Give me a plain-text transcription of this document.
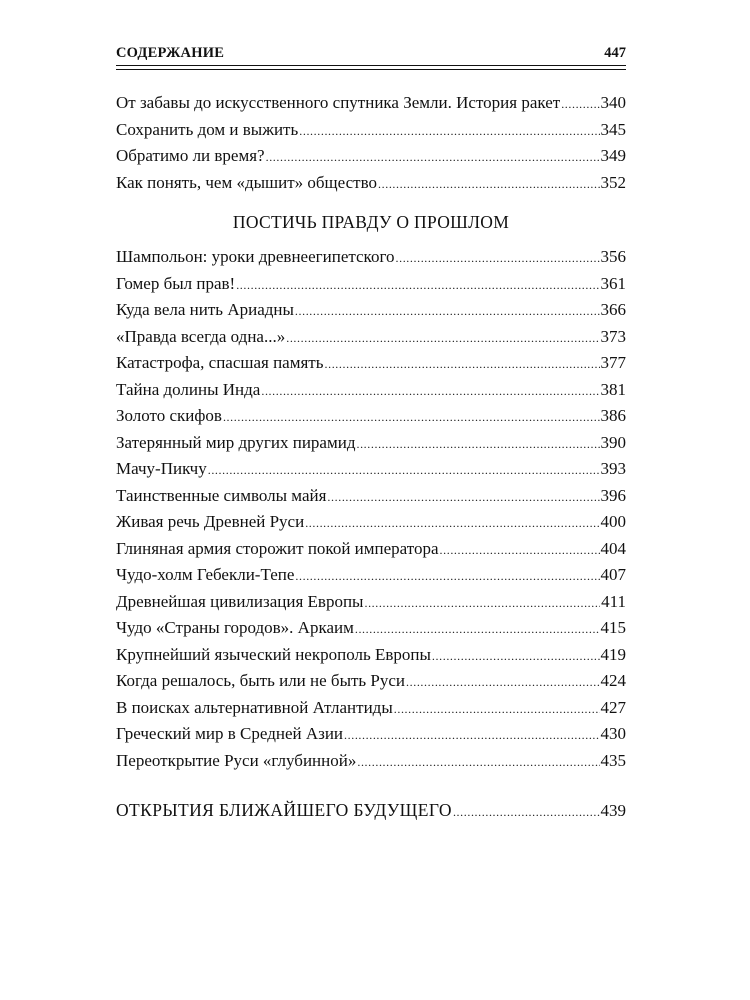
СОДЕРЖАНИЕ	447
От забавы до искусственного спутника Земли. История ракет ..... 340
Сохранить дом и выжить .....	345
Обратимо ли время? .....	349
Как понять, чем «дышит» общество .....	352
ПОСТИЧЬ ПРАВДУ О ПРОШЛОМ
Шампольон: уроки древнеегипетского .....	356
Гомер был прав! .....	361
Куда вела нить Ариадны .....	366
«Правда всегда одна...» .....	373
Катастрофа, спасшая память .....	377
Тайна долины Инда .....	381
Золото скифов .....	386
Затерянный мир других пирамид .....	390
Мачу-Пикчу .....	393
Таинственные символы майя .....	396
Живая речь Древней Руси .....	400
Глиняная армия сторожит покой императора .....	404
Чудо-холм Гебекли-Тепе .....	407
Древнейшая цивилизация Европы .....	411
Чудо «Страны городов». Аркаим .....	415
Крупнейший языческий некрополь Европы .....	419
Когда решалось, быть или не быть Руси .....	424
В поисках альтернативной Атлантиды .....	427
Греческий мир в Средней Азии .....	430
Переоткрытие Руси «глубинной» .....	435
ОТКРЫТИЯ БЛИЖАЙШЕГО БУДУЩЕГО .....	439
